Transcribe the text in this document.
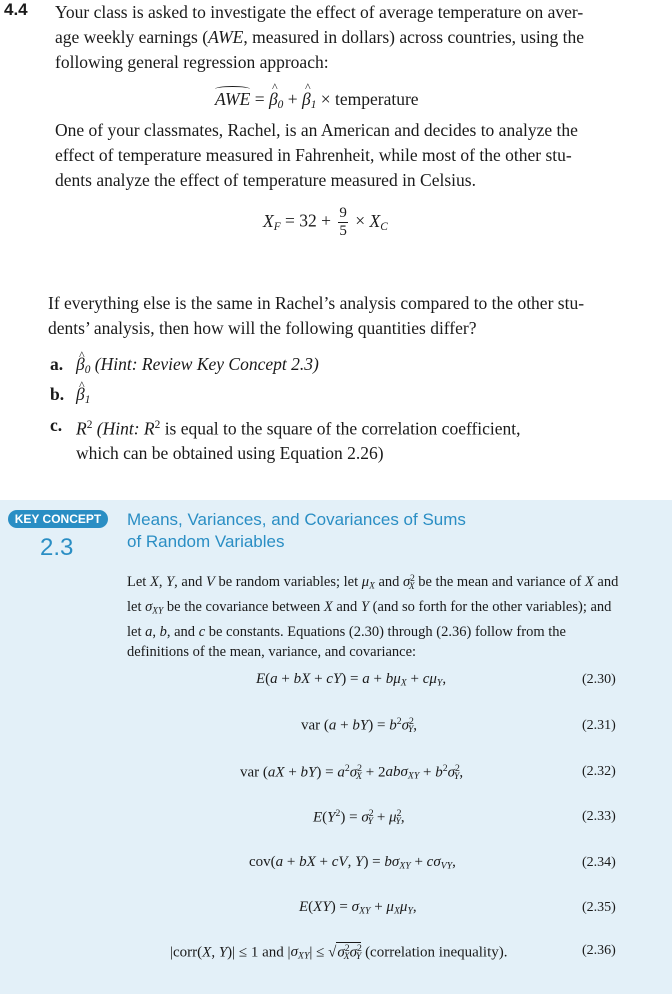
4.4 Your class is asked to investigate the effect of average temperature on aver-
age weekly earnings (AWE, measured in dollars) across countries, using the
following general regression approach:
AWE = ^ $\beta_0$ + ^ $\beta_1$ × temperature
One of your classmates, Rachel, is an American and decides to analyze the
effect of temperature measured in Fahrenheit, while most of the other stu-
dents analyze the effect of temperature measured in Celsius.
$X_F = 32 + \frac{9}{5} \times X_C$
If everything else is the same in Rachel’s analysis compared to the other stu-
dents’ analysis, then how will the following quantities differ?
a. ^ $\beta_0$ (Hint: Review Key Concept 2.3)
b. ^ $\beta_1$
c. $R^2$ (Hint: $R^2$ is equal to the square of the correlation coefficient,
which can be obtained using Equation 2.26)
KEY CONCEPT
2.3
Means, Variances, and Covariances of Sums
of Random Variables
Let X, Y, and V be random variables; let $\mu_X$ and $\sigma^2_X$ be the mean and variance of X and let $\sigma_{XY}$ be the covariance between X and Y (and so forth for the other variables); and let a, b, and c be constants. Equations (2.30) through (2.36) follow from the definitions of the mean, variance, and covariance:
E(a + bX + $cY) = a + b\mu_X + c\mu_Y$,	(2.30)
var $(a + bY) = b^2\sigma^2_Y$,	(2.31)
var $(aX + bY) = a^2\sigma^2_X + 2ab\sigma_{XY} + b^2\sigma^2_Y$,	(2.32)
$E(Y^2) = \sigma^2_Y + \mu^2_Y$,	(2.33)
cov(a + bX + cV, $Y) = b\sigma_{XY} + c\sigma_{VY}$,	(2.34)
$E(XY) = \sigma_{XY} + \mu_X\mu_Y$,	(2.35)
|corr(X, Y)| ≤ 1 and $|\sigma_{XY}| \le √\sigma^2_X\sigma^2_Y$ (correlation inequality).	(2.36)
